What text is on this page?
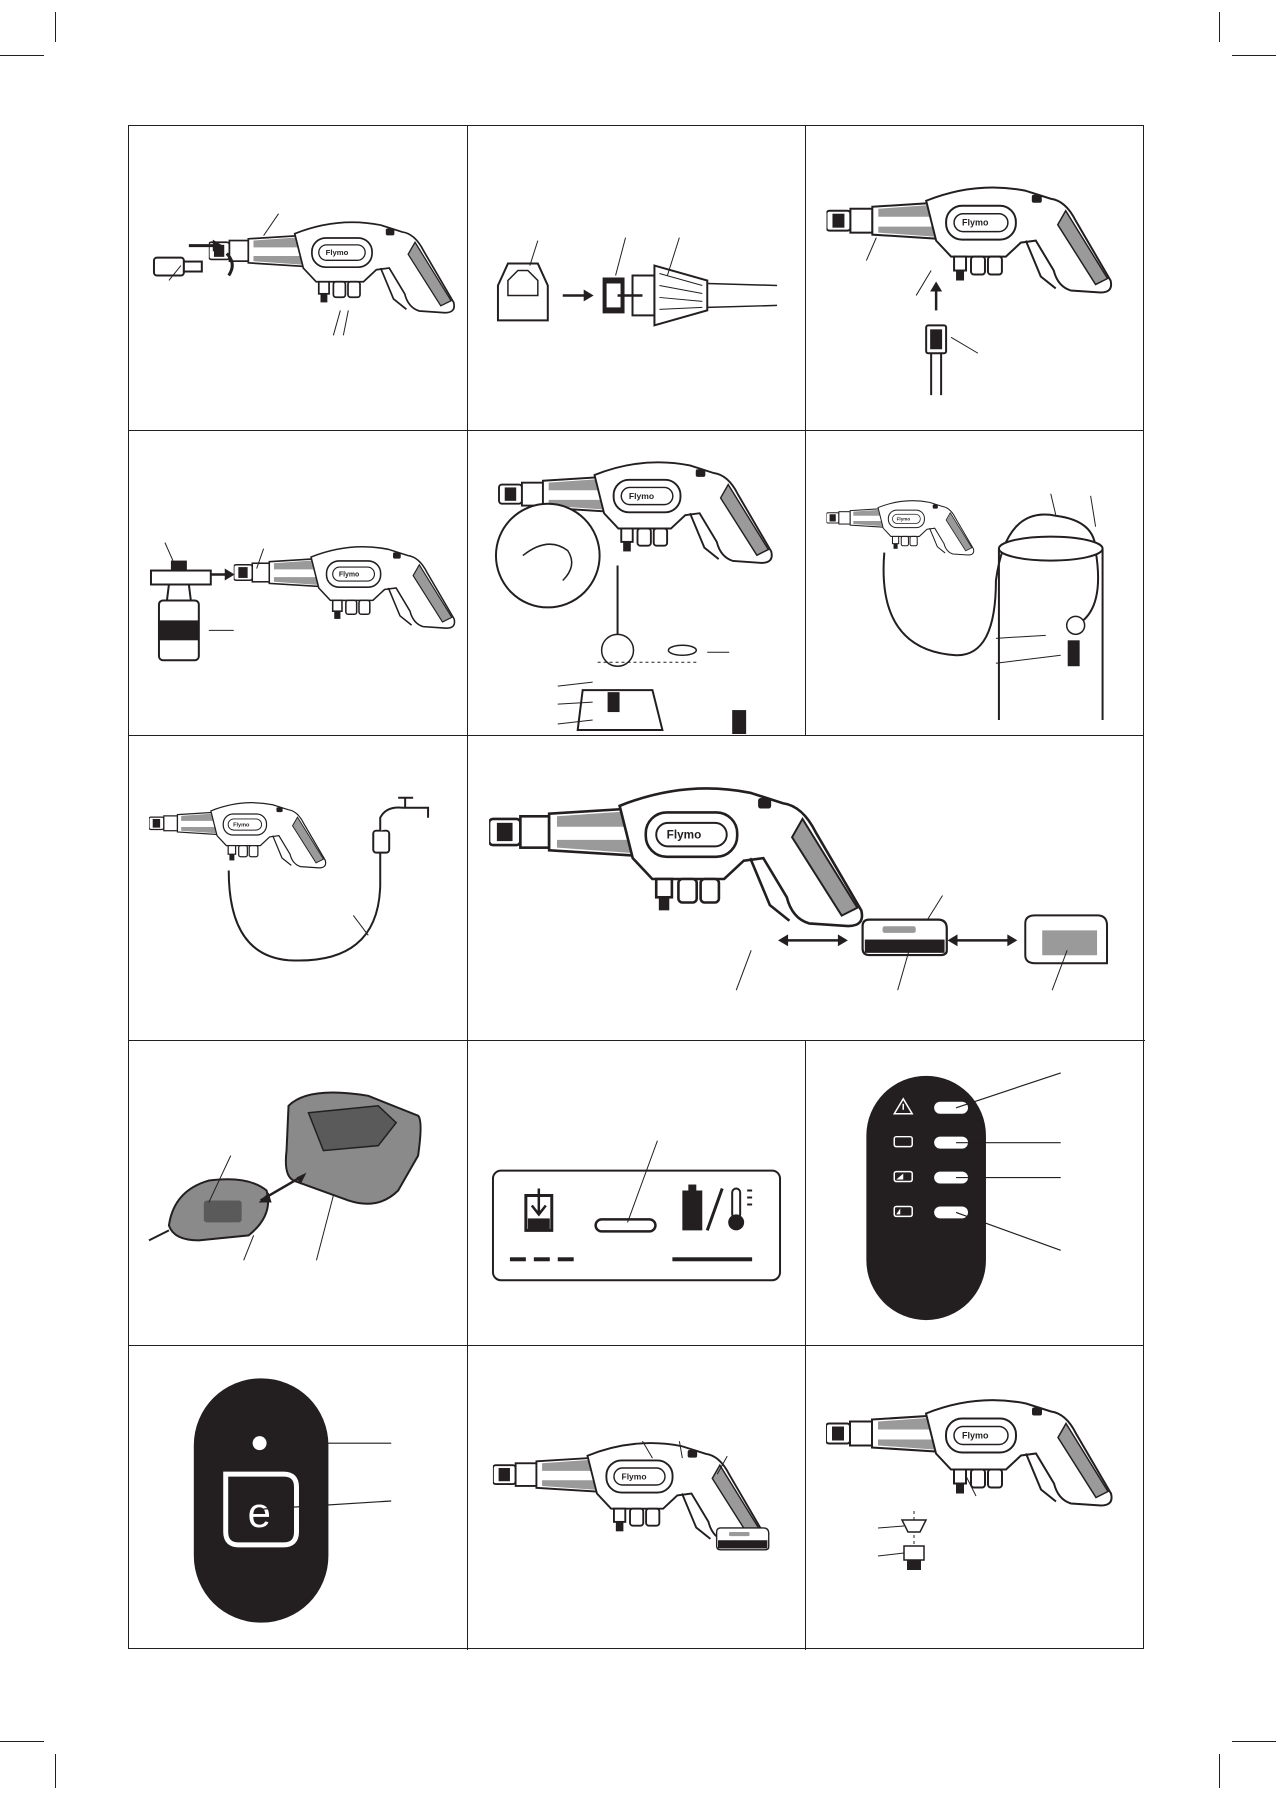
e
